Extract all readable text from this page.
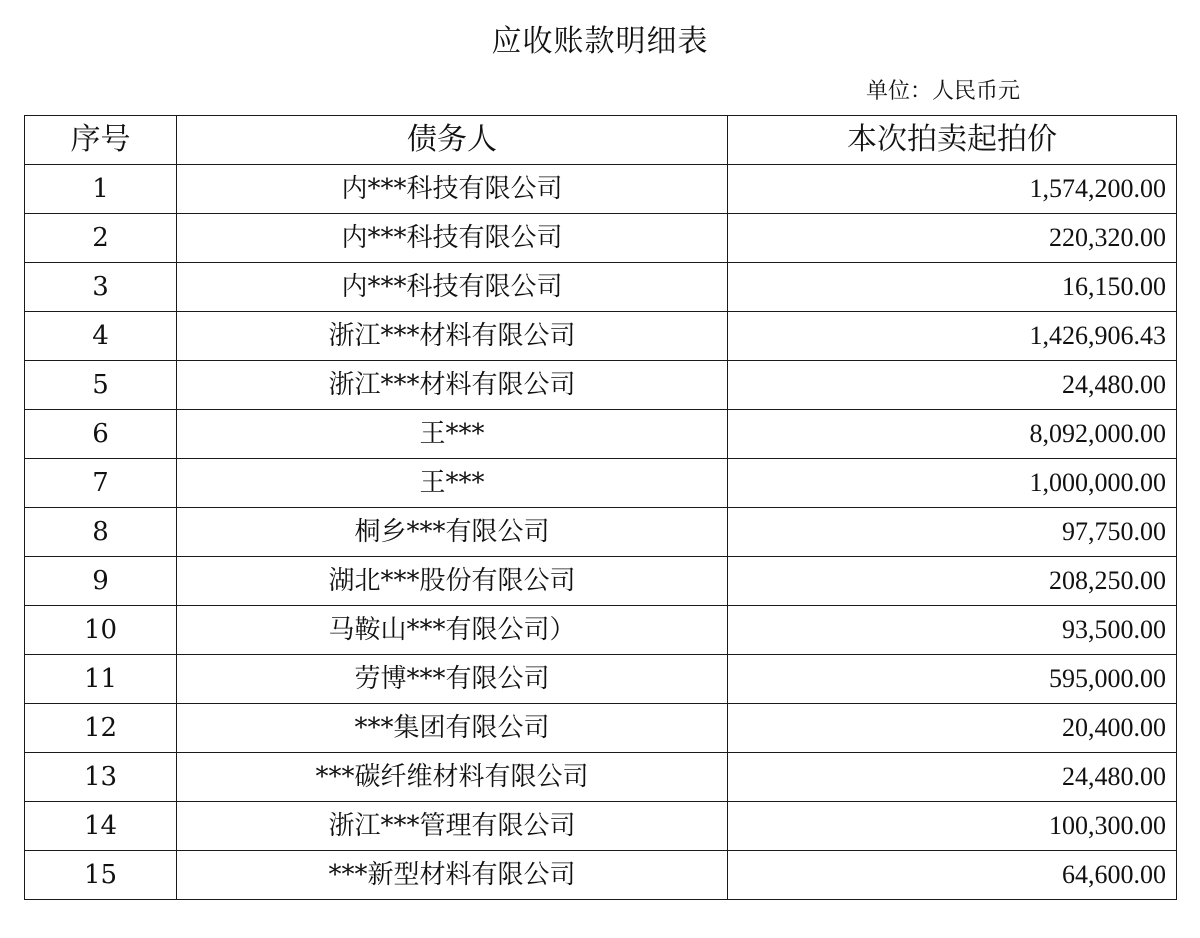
应收账款明细表
单位：人民币元
序号	债务人	本次拍卖起拍价
1	内***科技有限公司	1,574,200.00
2	内***科技有限公司	220,320.00
3	内***科技有限公司	16,150.00
4	浙江***材料有限公司	1,426,906.43
5	浙江***材料有限公司	24,480.00
6	王***	8,092,000.00
7	王***	1,000,000.00
8	桐乡***有限公司	97,750.00
9	湖北***股份有限公司	208,250.00
10	马鞍山***有限公司）	93,500.00
11	劳博***有限公司	595,000.00
12	***集团有限公司	20,400.00
13	***碳纤维材料有限公司	24,480.00
14	浙江***管理有限公司	100,300.00
15	***新型材料有限公司	64,600.00
